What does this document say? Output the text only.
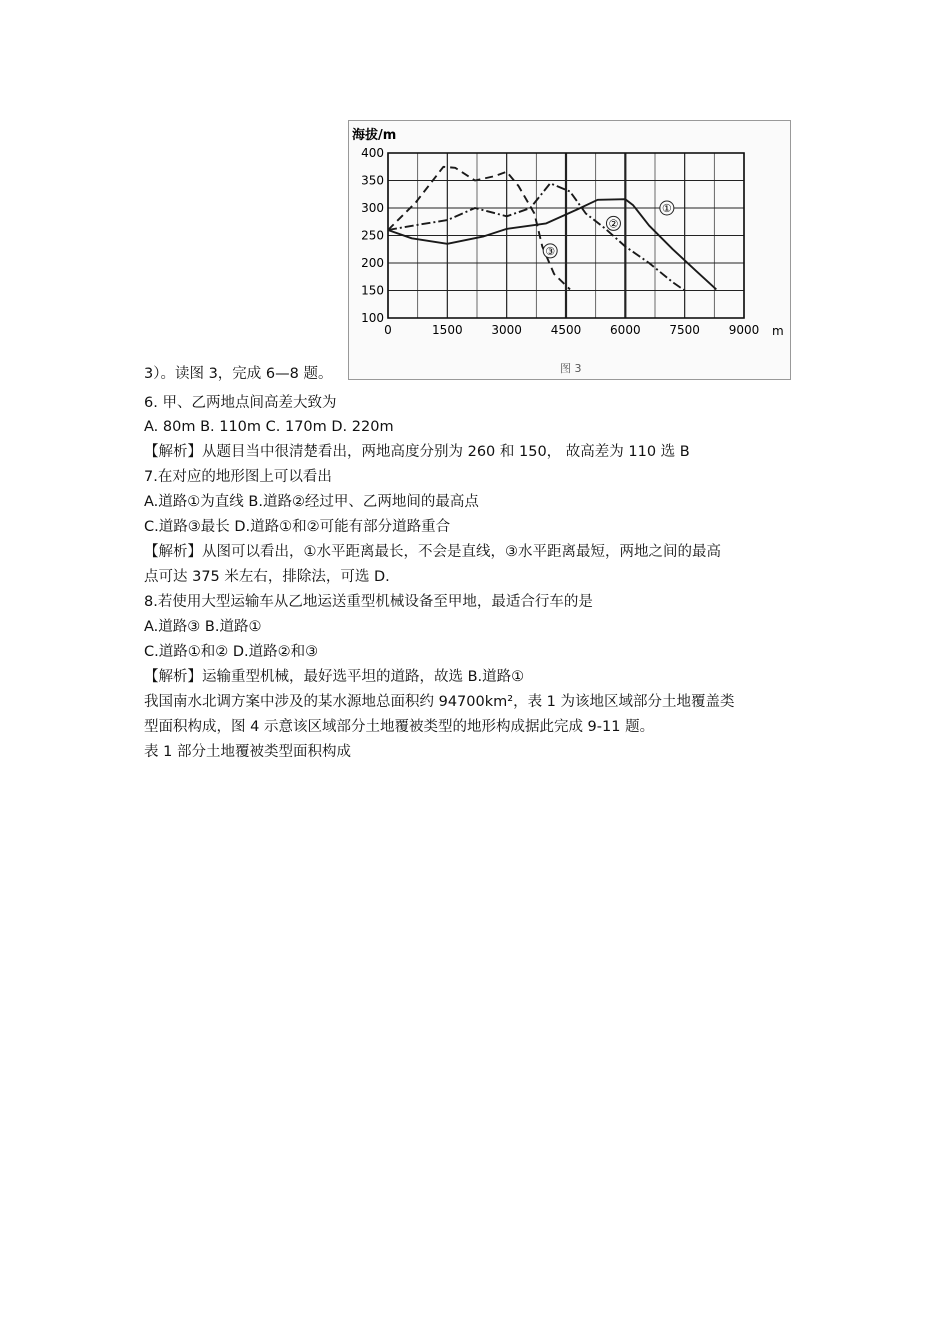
海拔/m
0	1500 3000 4500 6000 7500 9000
100
150
200
250
300
350
400
①
②
③
m
图 3
3）。读图 3，完成 6—8 题。
6. 甲、乙两地点间高差大致为
A. 80m B. 110m C. 170m D. 220m
【解析】从题目当中很清楚看出，两地高度分别为 260 和 150， 故高差为 110 选 B
7.在对应的地形图上可以看出
A.道路①为直线 B.道路②经过甲、乙两地间的最高点
C.道路③最长 D.道路①和②可能有部分道路重合
【解析】从图可以看出，①水平距离最长，不会是直线，③水平距离最短，两地之间的最高
点可达 375 米左右，排除法，可选 D.
8.若使用大型运输车从乙地运送重型机械设备至甲地，最适合行车的是
A.道路③ B.道路①
C.道路①和② D.道路②和③
【解析】运输重型机械，最好选平坦的道路，故选 B.道路①
我国南水北调方案中涉及的某水源地总面积约 94700km²，表 1 为该地区域部分土地覆盖类
型面积构成，图 4 示意该区域部分土地覆被类型的地形构成据此完成 9-11 题。
表 1 部分土地覆被类型面积构成
